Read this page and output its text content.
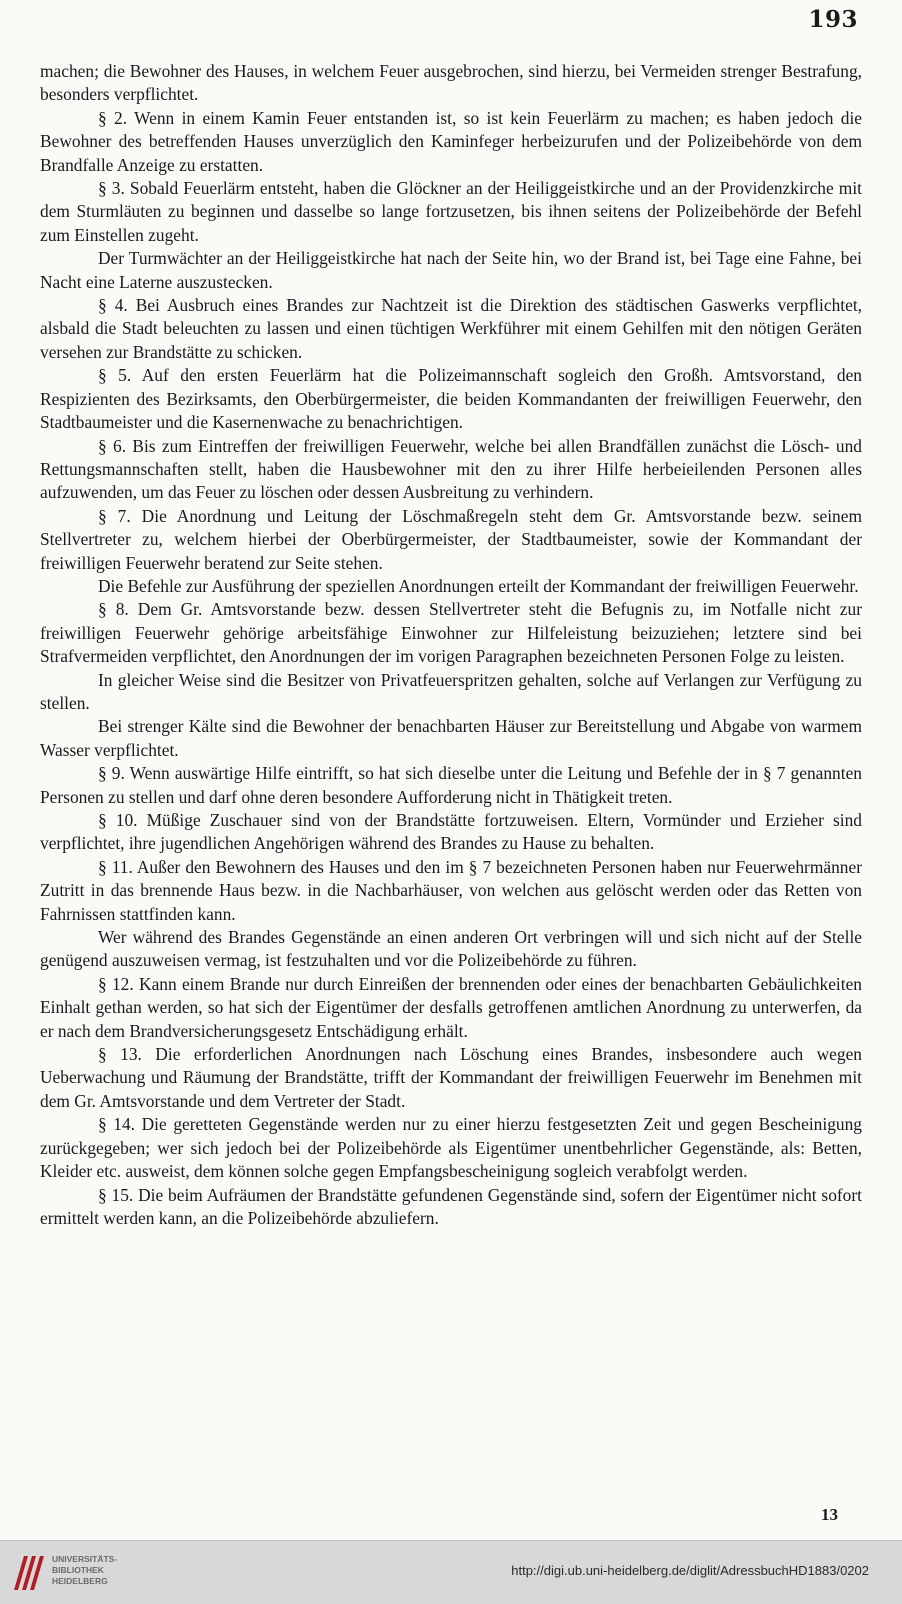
193

machen; die Bewohner des Hauses, in welchem Feuer ausgebrochen, sind hierzu, bei Vermeiden strenger Bestrafung, besonders verpflichtet.

§ 2. Wenn in einem Kamin Feuer entstanden ist, so ist kein Feuerlärm zu machen; es haben jedoch die Bewohner des betreffenden Hauses unverzüglich den Kaminfeger herbeizurufen und der Polizeibehörde von dem Brandfalle Anzeige zu erstatten.

§ 3. Sobald Feuerlärm entsteht, haben die Glöckner an der Heiliggeistkirche und an der Providenzkirche mit dem Sturmläuten zu beginnen und dasselbe so lange fortzusetzen, bis ihnen seitens der Polizeibehörde der Befehl zum Einstellen zugeht.

Der Turmwächter an der Heiliggeistkirche hat nach der Seite hin, wo der Brand ist, bei Tage eine Fahne, bei Nacht eine Laterne auszustecken.

§ 4. Bei Ausbruch eines Brandes zur Nachtzeit ist die Direktion des städtischen Gaswerks verpflichtet, alsbald die Stadt beleuchten zu lassen und einen tüchtigen Werkführer mit einem Gehilfen mit den nötigen Geräten versehen zur Brandstätte zu schicken.

§ 5. Auf den ersten Feuerlärm hat die Polizeimannschaft sogleich den Großh. Amtsvorstand, den Respizienten des Bezirksamts, den Oberbürgermeister, die beiden Kommandanten der freiwilligen Feuerwehr, den Stadtbaumeister und die Kasernenwache zu benachrichtigen.

§ 6. Bis zum Eintreffen der freiwilligen Feuerwehr, welche bei allen Brandfällen zunächst die Lösch- und Rettungsmannschaften stellt, haben die Hausbewohner mit den zu ihrer Hilfe herbeieilenden Personen alles aufzuwenden, um das Feuer zu löschen oder dessen Ausbreitung zu verhindern.

§ 7. Die Anordnung und Leitung der Löschmaßregeln steht dem Gr. Amtsvorstande bezw. seinem Stellvertreter zu, welchem hierbei der Oberbürgermeister, der Stadtbaumeister, sowie der Kommandant der freiwilligen Feuerwehr beratend zur Seite stehen.

Die Befehle zur Ausführung der speziellen Anordnungen erteilt der Kommandant der freiwilligen Feuerwehr.

§ 8. Dem Gr. Amtsvorstande bezw. dessen Stellvertreter steht die Befugnis zu, im Notfalle nicht zur freiwilligen Feuerwehr gehörige arbeitsfähige Einwohner zur Hilfeleistung beizuziehen; letztere sind bei Strafvermeiden verpflichtet, den Anordnungen der im vorigen Paragraphen bezeichneten Personen Folge zu leisten.

In gleicher Weise sind die Besitzer von Privatfeuerspritzen gehalten, solche auf Verlangen zur Verfügung zu stellen.

Bei strenger Kälte sind die Bewohner der benachbarten Häuser zur Bereitstellung und Abgabe von warmem Wasser verpflichtet.

§ 9. Wenn auswärtige Hilfe eintrifft, so hat sich dieselbe unter die Leitung und Befehle der in § 7 genannten Personen zu stellen und darf ohne deren besondere Aufforderung nicht in Thätigkeit treten.

§ 10. Müßige Zuschauer sind von der Brandstätte fortzuweisen. Eltern, Vormünder und Erzieher sind verpflichtet, ihre jugendlichen Angehörigen während des Brandes zu Hause zu behalten.

§ 11. Außer den Bewohnern des Hauses und den im § 7 bezeichneten Personen haben nur Feuerwehrmänner Zutritt in das brennende Haus bezw. in die Nachbarhäuser, von welchen aus gelöscht werden oder das Retten von Fahrnissen stattfinden kann.

Wer während des Brandes Gegenstände an einen anderen Ort verbringen will und sich nicht auf der Stelle genügend auszuweisen vermag, ist festzuhalten und vor die Polizeibehörde zu führen.

§ 12. Kann einem Brande nur durch Einreißen der brennenden oder eines der benachbarten Gebäulichkeiten Einhalt gethan werden, so hat sich der Eigentümer der desfalls getroffenen amtlichen Anordnung zu unterwerfen, da er nach dem Brandversicherungsgesetz Entschädigung erhält.

§ 13. Die erforderlichen Anordnungen nach Löschung eines Brandes, insbesondere auch wegen Ueberwachung und Räumung der Brandstätte, trifft der Kommandant der freiwilligen Feuerwehr im Benehmen mit dem Gr. Amtsvorstande und dem Vertreter der Stadt.

§ 14. Die geretteten Gegenstände werden nur zu einer hierzu festgesetzten Zeit und gegen Bescheinigung zurückgegeben; wer sich jedoch bei der Polizeibehörde als Eigentümer unentbehrlicher Gegenstände, als: Betten, Kleider etc. ausweist, dem können solche gegen Empfangsbescheinigung sogleich verabfolgt werden.

§ 15. Die beim Aufräumen der Brandstätte gefundenen Gegenstände sind, sofern der Eigentümer nicht sofort ermittelt werden kann, an die Polizeibehörde abzuliefern.

13
UNIVERSITÄTS-
BIBLIOTHEK
HEIDELBERG
http://digi.ub.uni-heidelberg.de/diglit/AdressbuchHD1883/0202
